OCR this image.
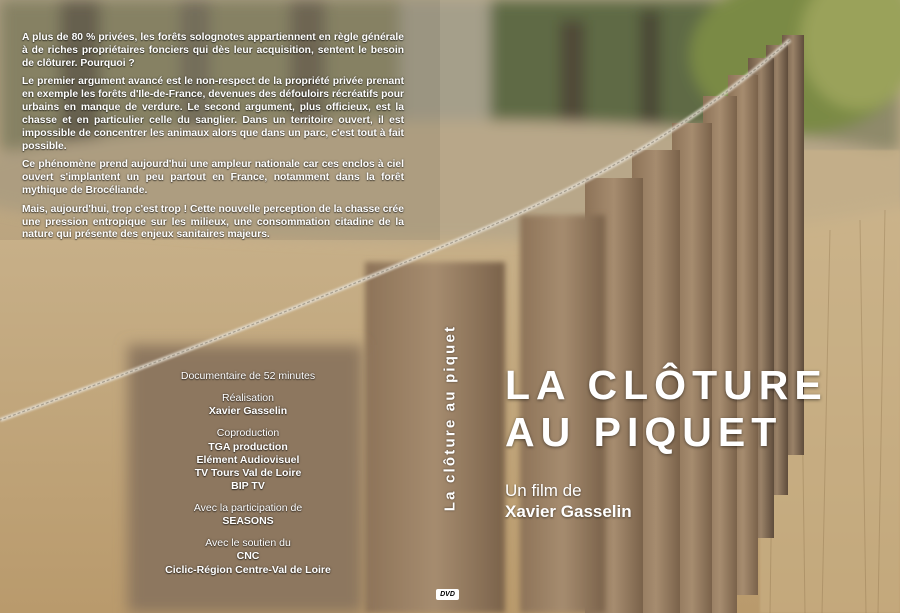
A plus de 80 % privées, les forêts solognotes appartiennent en règle générale à de riches propriétaires fonciers qui dès leur acquisition, sentent le besoin de clôturer. Pourquoi ?

Le premier argument avancé est le non-respect de la propriété privée prenant en exemple les forêts d'Ile-de-France, devenues des défouloirs récréatifs pour urbains en manque de verdure. Le second argument, plus officieux, est la chasse et en particulier celle du sanglier. Dans un territoire ouvert, il est impossible de concentrer les animaux alors que dans un parc, c'est tout à fait possible.

Ce phénomène prend aujourd'hui une ampleur nationale car ces enclos à ciel ouvert s'implantent un peu partout en France, notamment dans la forêt mythique de Brocéliande.

Mais, aujourd'hui, trop c'est trop ! Cette nouvelle perception de la chasse crée une pression entropique sur les milieux, une consommation citadine de la nature qui présente des enjeux sanitaires majeurs.

Documentaire de 52 minutes
Réalisation
Xavier Gasselin
Coproduction
TGA production
Elément Audiovisuel
TV Tours Val de Loire
BIP TV
Avec la participation de
SEASONS
Avec le soutien du
CNC
Ciclic-Région Centre-Val de Loire
La clôture au piquet
DVD
LA CLÔTURE
AU PIQUET
Un film de
Xavier Gasselin
